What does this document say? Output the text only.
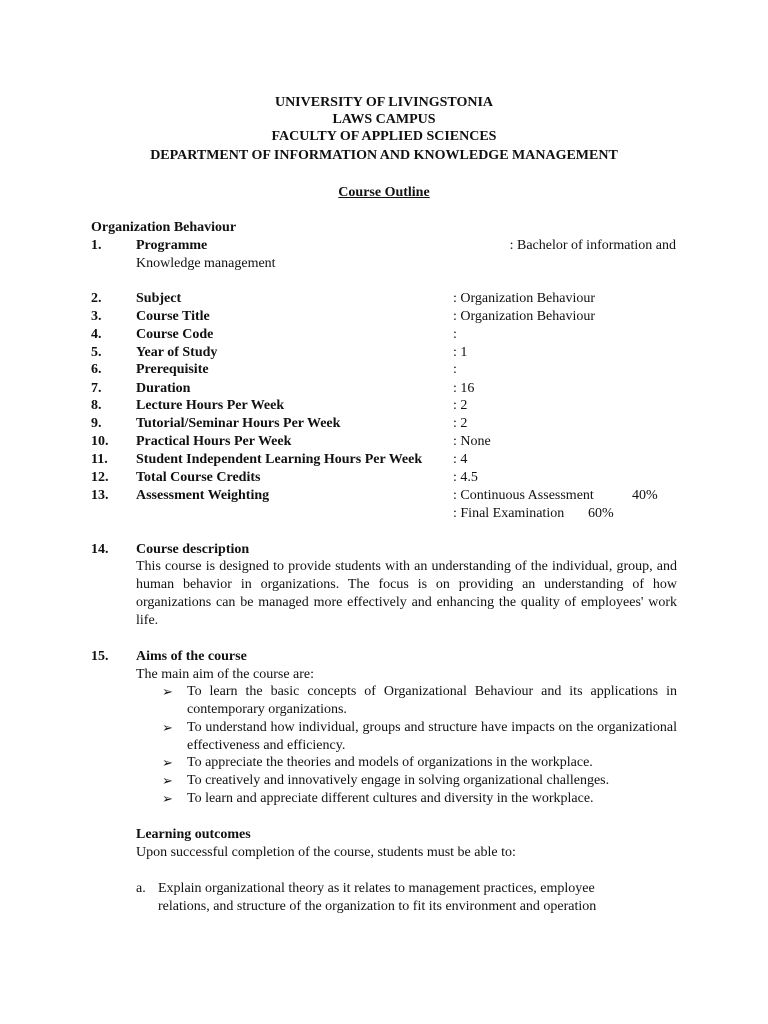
UNIVERSITY OF LIVINGSTONIA
LAWS CAMPUS
FACULTY OF APPLIED SCIENCES
DEPARTMENT OF INFORMATION AND KNOWLEDGE MANAGEMENT
Course Outline
Organization Behaviour
1. Programme	: Bachelor of information and
Knowledge management
2. Subject	: Organization Behaviour
3. Course Title	: Organization Behaviour
4. Course Code	:
5. Year of Study	: 1
6. Prerequisite	:
7. Duration	: 16
8. Lecture Hours Per Week	: 2
9. Tutorial/Seminar Hours Per Week	: 2
10. Practical Hours Per Week	: None
11. Student Independent Learning Hours Per Week : 4
12. Total Course Credits	: 4.5
13. Assessment Weighting	: Continuous Assessment	40%
: Final Examination 60%
14. Course description
This course is designed to provide students with an understanding of the individual, group, and human behavior in organizations. The focus is on providing an understanding of how organizations can be managed more effectively and enhancing the quality of employees' work life.
15. Aims of the course
The main aim of the course are:
➢ To learn the basic concepts of Organizational Behaviour and its applications in contemporary organizations.
➢ To understand how individual, groups and structure have impacts on the organizational effectiveness and efficiency.
➢ To appreciate the theories and models of organizations in the workplace.
➢ To creatively and innovatively engage in solving organizational challenges.
➢ To learn and appreciate different cultures and diversity in the workplace.
Learning outcomes
Upon successful completion of the course, students must be able to:
a. Explain organizational theory as it relates to management practices, employee
relations, and structure of the organization to fit its environment and operation
